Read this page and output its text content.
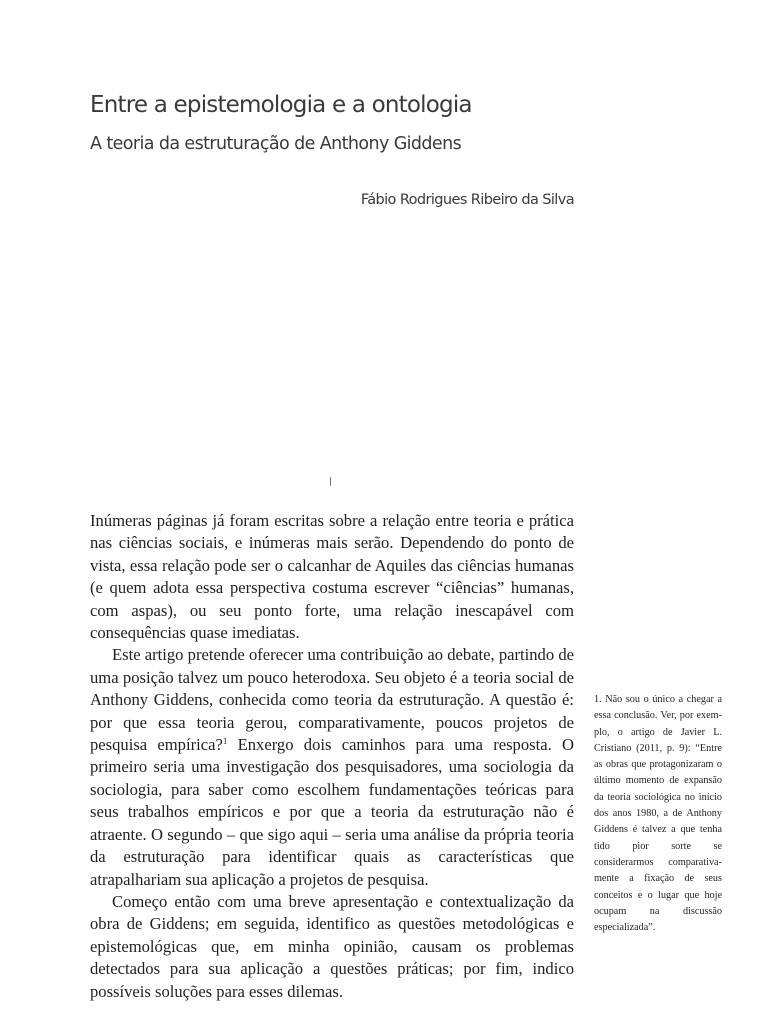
Entre a epistemologia e a ontologia
A teoria da estruturação de Anthony Giddens
Fábio Rodrigues Ribeiro da Silva

Inúmeras páginas já foram escritas sobre a relação entre teoria e prática nas ciências sociais, e inúmeras mais serão. Dependendo do ponto de vista, essa relação pode ser o calcanhar de Aquiles das ciências humanas (e quem adota essa perspectiva costuma escrever “ciências” humanas, com aspas), ou seu ponto forte, uma relação inescapável com consequências quase imediatas.

Este artigo pretende oferecer uma contribuição ao debate, partindo de uma posição talvez um pouco heterodoxa. Seu objeto é a teoria social de Anthony Giddens, conhecida como teoria da estruturação. A questão é: por que essa teoria gerou, comparativamente, poucos projetos de pesquisa empírica?$^1$ Enxergo dois caminhos para uma resposta. O primeiro seria uma investigação dos pesquisadores, uma sociologia da sociologia, para saber como escolhem fundamentações teóricas para seus trabalhos empíricos e por que a teoria da estruturação não é atraente. O segundo – que sigo aqui – seria uma análise da própria teoria da estruturação para identificar quais as características que atrapalhariam sua aplicação a projetos de pesquisa.

Começo então com uma breve apresentação e contextualização da obra de Giddens; em seguida, identifico as questões metodológicas e epistemológicas que, em minha opinião, causam os problemas detectados para sua aplicação a questões práticas; por fim, indico possíveis soluções para esses dilemas.

1. Não sou o único a chegar a essa conclusão. Ver, por exemplo, o artigo de Javier L. Cristiano (2011, p. 9): “Entre as obras que protagonizaram o último momento de expansão da teoria sociológica no início dos anos 1980, a de Anthony Giddens é talvez a que tenha tido pior sorte se considerarmos comparativamente a fixação de seus conceitos e o lugar que hoje ocupam na discussão especializada”.
